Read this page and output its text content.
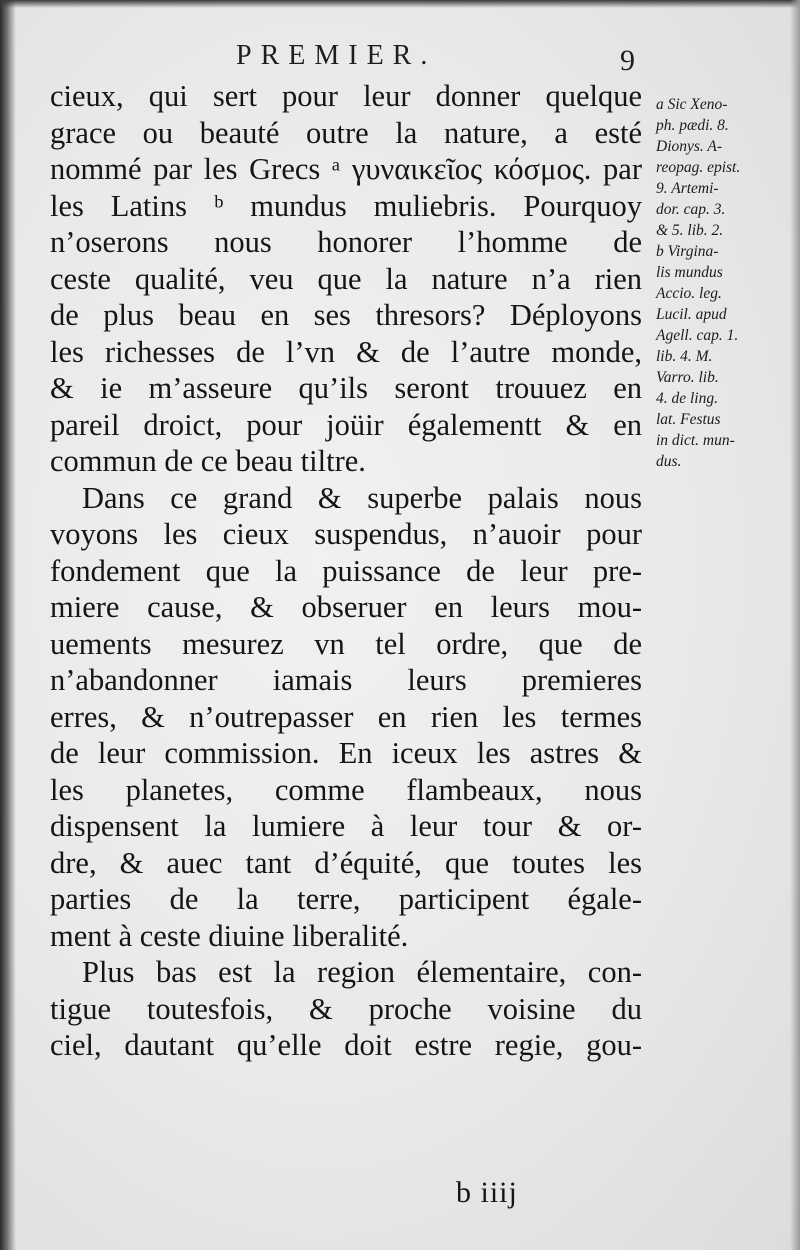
PREMIER.	9
cieux, qui sert pour leur donner quelque
grace ou beauté outre la nature, a esté
nommé par les Grecs ᵃ γυναικεῖος κόσμος. par
les Latins ᵇ mundus muliebris. Pourquoy
n’oserons nous honorer l’homme de
ceste qualité, veu que la nature n’a rien
de plus beau en ses thresors? Déployons
les richesses de l’vn & de l’autre monde,
& ie m’asseure qu’ils seront trouuez en
pareil droict, pour joüir égalementt & en
commun de ce beau tiltre.
Dans ce grand & superbe palais nous
voyons les cieux suspendus, n’auoir pour
fondement que la puissance de leur pre-
miere cause, & obseruer en leurs mou-
uements mesurez vn tel ordre, que de
n’abandonner iamais leurs premieres
erres, & n’outrepasser en rien les termes
de leur commission. En iceux les astres &
les planetes, comme flambeaux, nous
dispensent la lumiere à leur tour & or-
dre, & auec tant d’équité, que toutes les
parties de la terre, participent égale-
ment à ceste diuine liberalité.
Plus bas est la region élementaire, con-
tigue toutesfois, & proche voisine du
ciel, dautant qu’elle doit estre regie, gou-
a Sic Xeno-
ph. pædi. 8.
Dionys. A-
reopag. epist.
9. Artemi-
dor. cap. 3.
& 5. lib. 2.
b Virgina-
lis mundus
Accio. leg.
Lucil. apud
Agell. cap. 1.
lib. 4. M.
Varro. lib.
4. de ling.
lat. Festus
in dict. mun-
dus.
b iiij
